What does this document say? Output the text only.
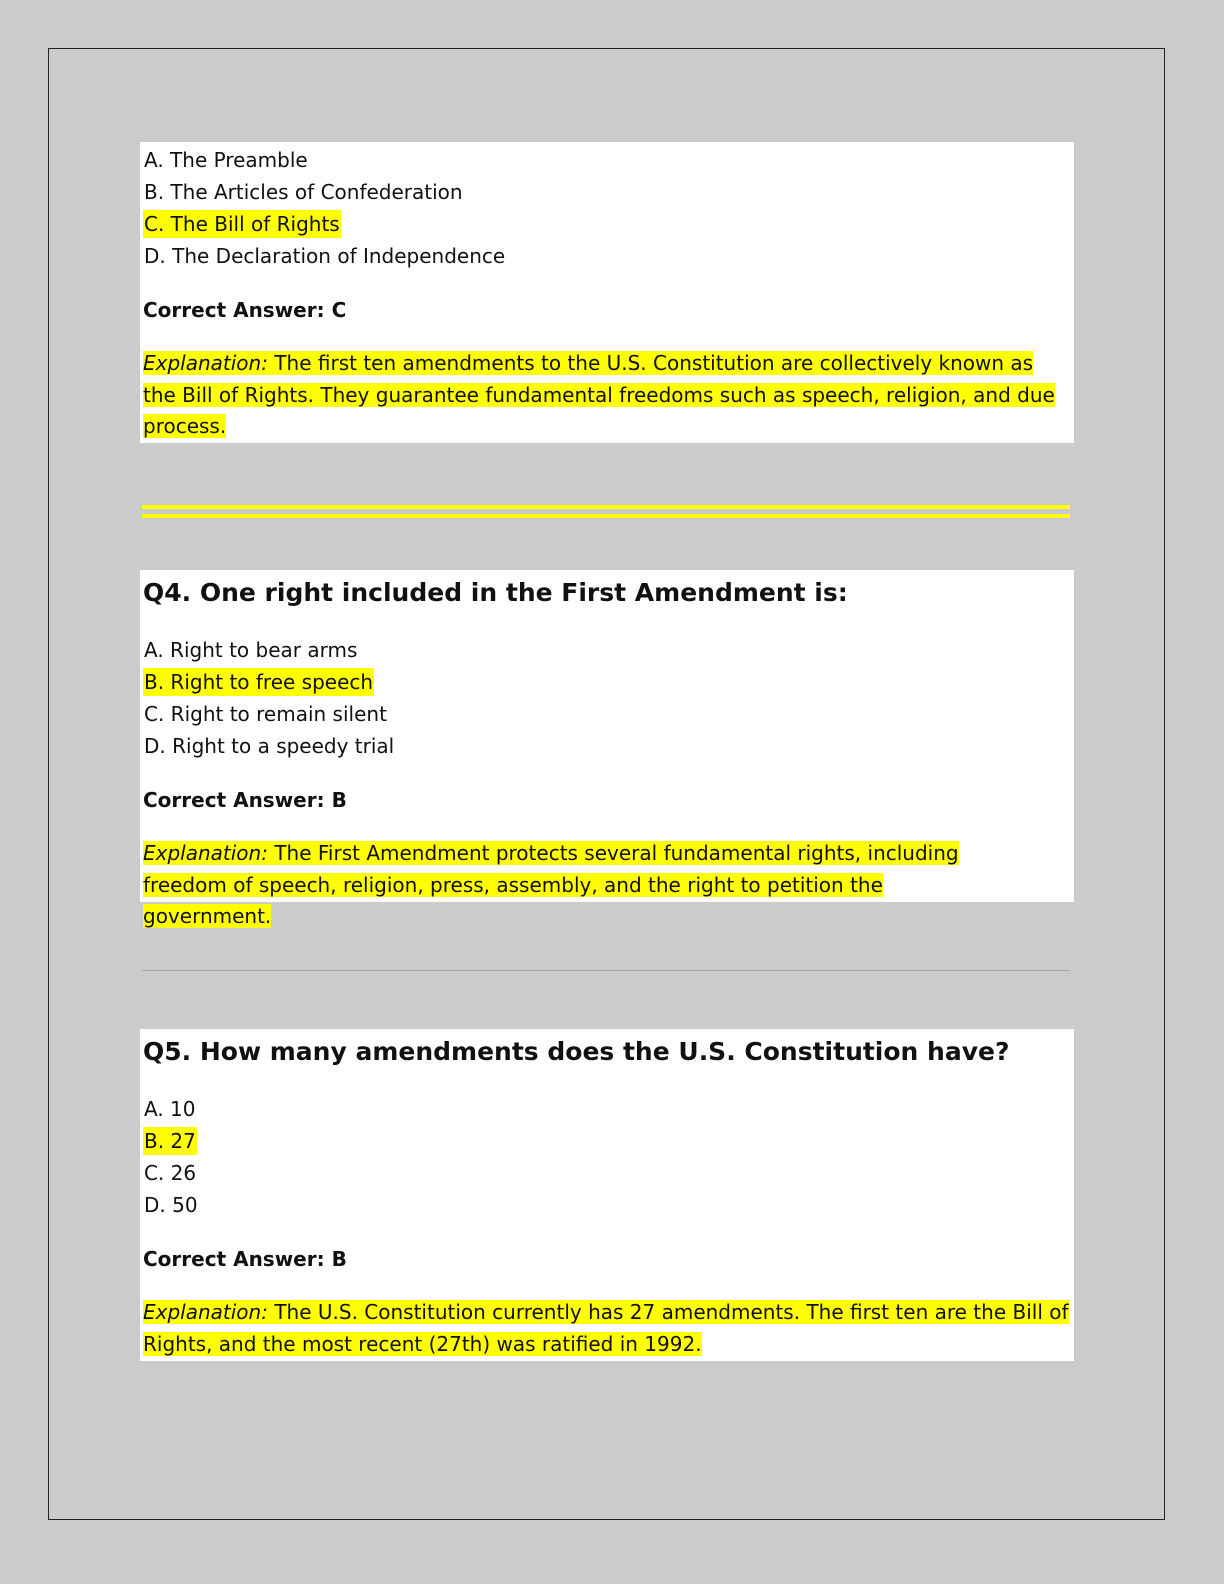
A. The Preamble
B. The Articles of Confederation
C. The Bill of Rights
D. The Declaration of Independence
Correct Answer: C

Explanation: The first ten amendments to the U.S. Constitution are collectively known as the Bill of Rights. They guarantee fundamental freedoms such as speech, religion, and due process.

Q4. One right included in the First Amendment is:
A. Right to bear arms
B. Right to free speech
C. Right to remain silent
D. Right to a speedy trial
Correct Answer: B

Explanation: The First Amendment protects several fundamental rights, including freedom of speech, religion, press, assembly, and the right to petition the government.

Q5. How many amendments does the U.S. Constitution have?
A. 10
B. 27
C. 26
D. 50
Correct Answer: B

Explanation: The U.S. Constitution currently has 27 amendments. The first ten are the Bill of Rights, and the most recent (27th) was ratified in 1992.
